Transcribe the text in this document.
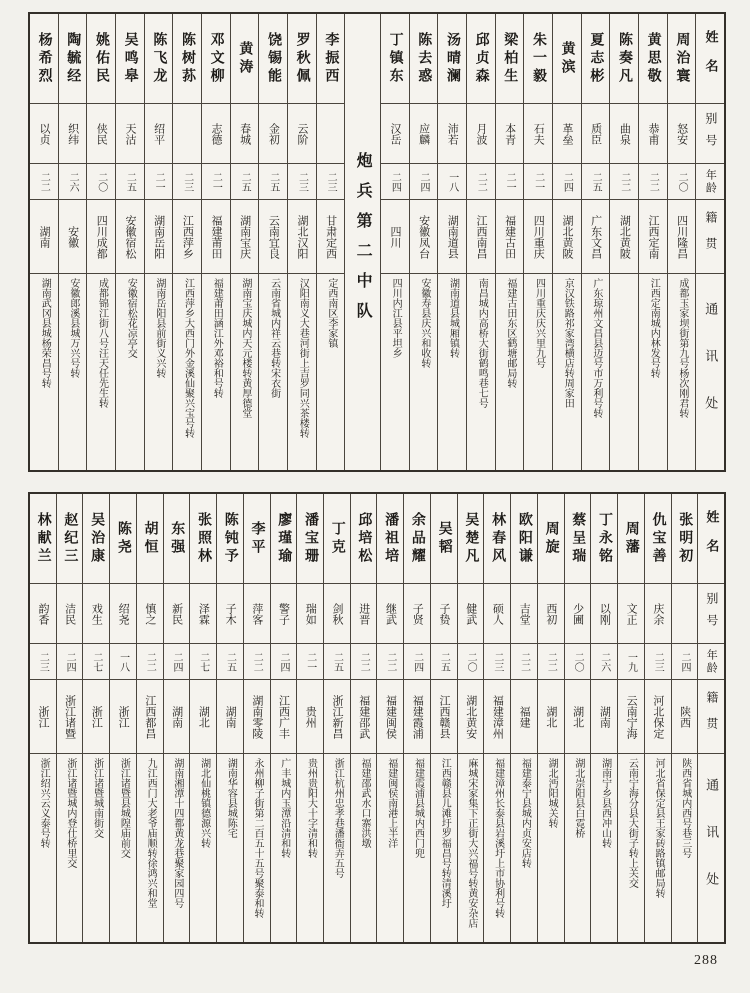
姓名
别号
年龄
籍贯
通讯处
周治寰
怒安
二〇
四川隆昌
成都玉家坝街第九号杨次刚君转
黄思敬
恭甫
二二
江西定南
江西定南城内林发号转
陈奏凡
曲泉
二二
湖北黄陂
夏志彬
质臣
二五
广东文昌
广东琼州文昌县迈号市万利号转
黄滨
革垒
二四
湖北黄陂
京汉铁路祁家湾横店转周家田
朱一毅
石夫
二一
四川重庆
四川重庆庆兴里九号
梁柏生
本青
二一
福建古田
福建古田东区鹤塘邮局转
邱贞森
月波
二二
江西南昌
南昌城内高桥大街鹤鸣巷七号
汤晴澜
沛若
一八
湖南道县
湖南道县城厢镇转
陈去惑
应麟
二四
安徽凤台
安徽寿县庆兴和收转
丁镇东
汉岳
二四
四川
四川内江县平坦乡
炮兵第二中队
李振西
二三
甘肃定西
定西南区李家镇
罗秋佩
云阶
二三
湖北汉阳
汉阳南义大巷河街上吉罗同兴茶楼转
饶锡能
金初
二五
云南宜良
云南省城内祥云巷转宋衣街
黄涛
春城
二五
湖南宝庆
湖南宝庆城内天元楼转黄厚德堂
邓文柳
志德
二一
福建莆田
福建莆田涵江外邓裕和号转
陈树荪
二三
江西萍乡
江西萍乡大西门外金溪仙聚兴宝号转
陈飞龙
绍平
二一
湖南岳阳
湖南岳阳县前街义兴转
吴鸣皋
天沽
二五
安徽宿松
安徽宿松花凉亭交
姚佑民
侠民
二〇
四川成都
成都锦江街八号汪天任先生转
陶毓经
织纬
二六
安徽
安徽郎溪县城万兴号转
杨希烈
以贞
二二
湖南
湖南武冈县城杨荣昌号转
姓名
别号
年龄
籍贯
通讯处
张明初
二四
陕西
陕西省城内西号巷三号
仇宝善
庆余
二三
河北保定
河北省保定县王家砖路镇邮局转
周藩
文正
一九
云南宁海
云南宁海分县大街子转上关交
丁永铭
以刚
二六
湖南
湖南宁乡县西冲山转
蔡呈瑞
少圃
二〇
湖北
湖北崇阳县白霓桥
周旋
西初
二二
湖北
湖北沔阳城关转
欧阳谦
吉堂
二二
福建
福建泰宁县城内贞安店转
林春风
硕人
二三
福建漳州
福建漳州长泰县岩溪圩上市协利号转
吴楚凡
健武
二〇
湖北黄安
麻城宋家集下正街大兴福号转黄安杂店
吴韬
子贽
二五
江西赣县
江西赣县儿滩圩罗福昌号转清溪圩
余品耀
子贤
二四
福建霞浦
福建霞浦县城内西门兜
潘祖培
继武
二二
福建闽侯
福建闽侯南港上半洋
邱培松
进晋
二二
福建邵武
福建邵武水口寨洪墩
丁克
剑秋
二五
浙江新昌
浙江杭州忠孝巷潘衙弄五号
潘宝珊
瑞如
二一
贵州
贵州贵阳大十字清和转
廖瑾瑜
警子
二四
江西广丰
广丰城内玉潭沿清和转
李平
萍客
二二
湖南零陵
永州柳子街第二百五十五号聚泰和转
陈钝予
子木
二五
湖南
湖南华容县城陈宅
张照林
泽霖
二七
湖北
湖北仙桃镇德源兴转
东强
新民
二四
湖南
湖南湘潭十四都黄龙巷聚家园四号
胡恒
慎之
二二
江西都昌
九江西门大老爷庙顺转徐鸿兴和堂
陈尧
绍尧
一八
浙江
浙江诸暨县城隍庙前交
吴治康
戏生
二七
浙江
浙江诸暨城南街交
赵纪三
洁民
二四
浙江诸暨
浙江诸暨城内登仕桥里交
林献兰
韵香
二三
浙江
浙江绍兴云义泰号转
288
